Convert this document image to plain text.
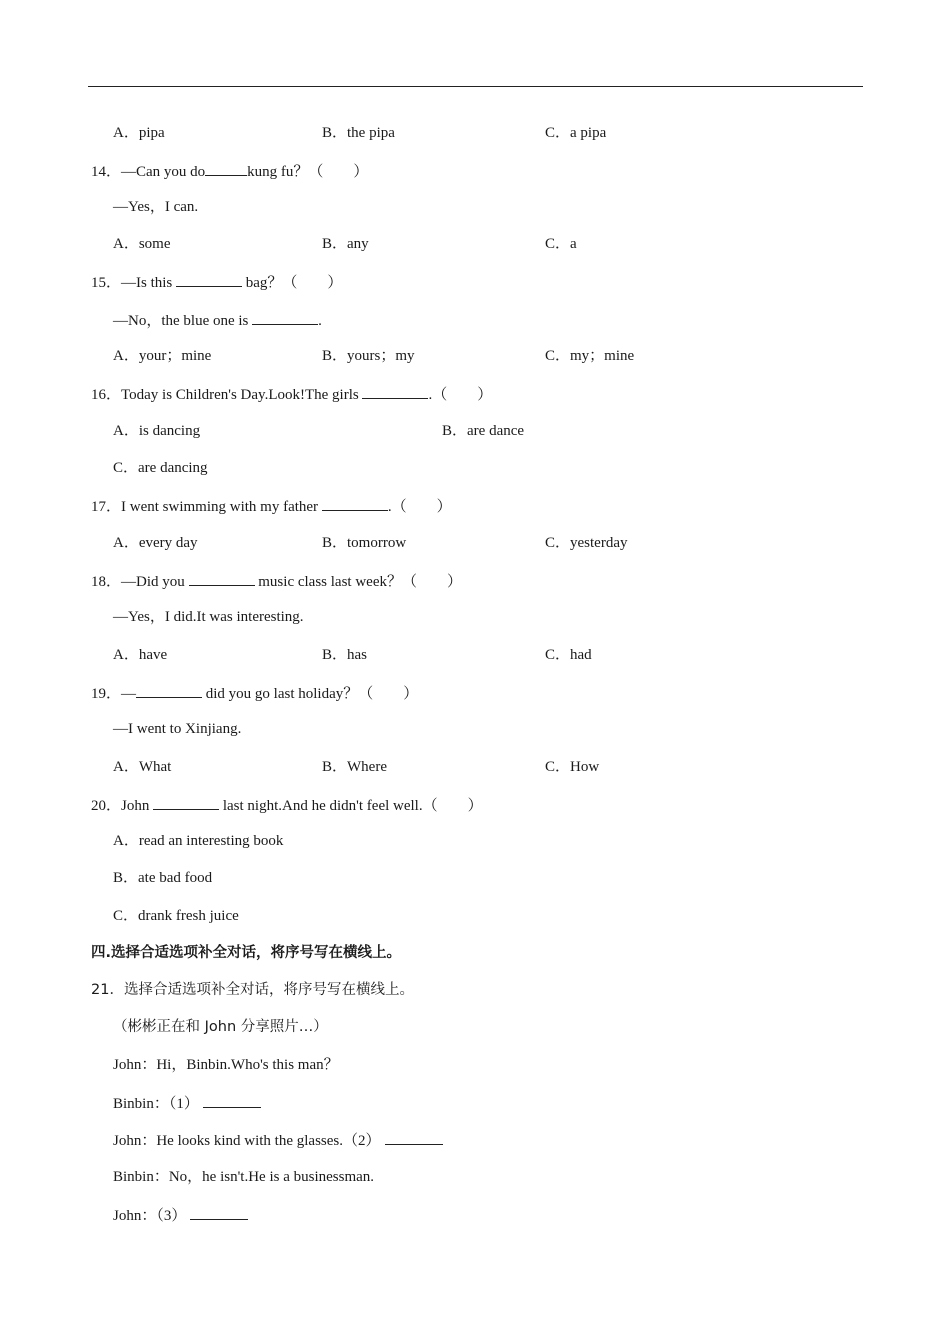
A．pipa	B．the pipa	C．a pipa
14．—Can you do	kung fu？（　　）
—Yes，I can.
A．some	B．any	C．a
15．—Is this	bag？（　　）
—No，the blue one is	.
A．your；mine	B．yours；my	C．my；mine
16．Today is Children's Day.Look!The girls	.（　　）
A．is dancing	B．are dance
C．are dancing
17．I went swimming with my father	.（　　）
A．every day	B．tomorrow	C．yesterday
18．—Did you	music class last week？（　　）
—Yes，I did.It was interesting.
A．have	B．has	C．had
19．—	did you go last holiday？（　　）
—I went to Xinjiang.
A．What	B．Where	C．How
20．John	last night.And he didn't feel well.（　　）
A．read an interesting book
B．ate bad food
C．drank fresh juice
四.选择合适选项补全对话，将序号写在横线上。
21．选择合适选项补全对话，将序号写在横线上。
（彬彬正在和 John 分享照片…）
John：Hi，Binbin.Who's this man？
Binbin：（1）
John：He looks kind with the glasses.（2）
Binbin：No，he isn't.He is a businessman.
John：（3）
